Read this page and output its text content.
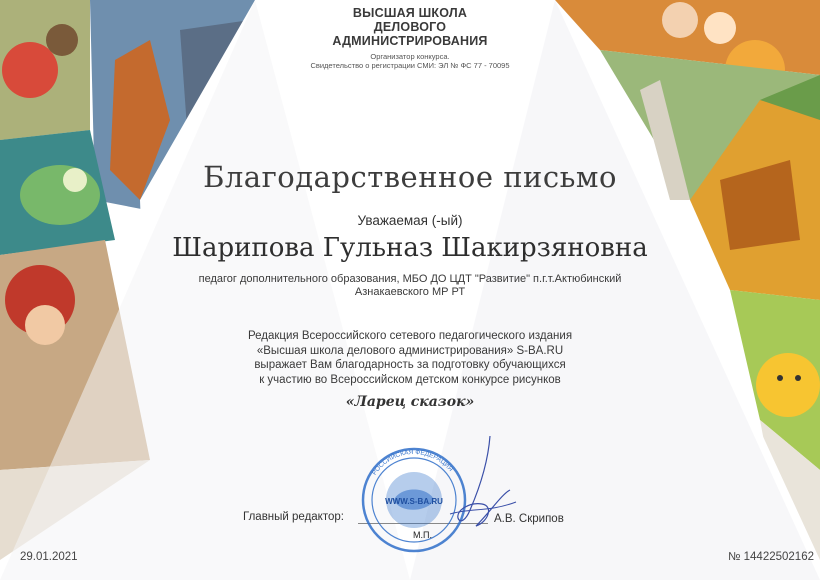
ВЫСШАЯ ШКОЛА
ДЕЛОВОГО АДМИНИСТРИРОВАНИЯ
Организатор конкурса.
Свидетельство о регистрации СМИ: ЭЛ № ФС 77 - 70095
Благодарственное письмо
Уважаемая (-ый)
Шарипова Гульназ Шакирзяновна
педагог дополнительного образования, МБО ДО ЦДТ "Развитие" п.г.т.Актюбинский
Азнакаевского МР РТ
Редакция Всероссийского сетевого педагогического издания
«Высшая школа делового администрирования» S-BA.RU
выражает Вам благодарность за подготовку обучающихся
к участию во Всероссийском детском конкурсе рисунков
«Ларец сказок»
Главный редактор:
WWW.S-BA.RU
РОССИЙСКАЯ ФЕДЕРАЦИЯ
М.П.
А.В. Скрипов
29.01.2021	№ 14422502162
